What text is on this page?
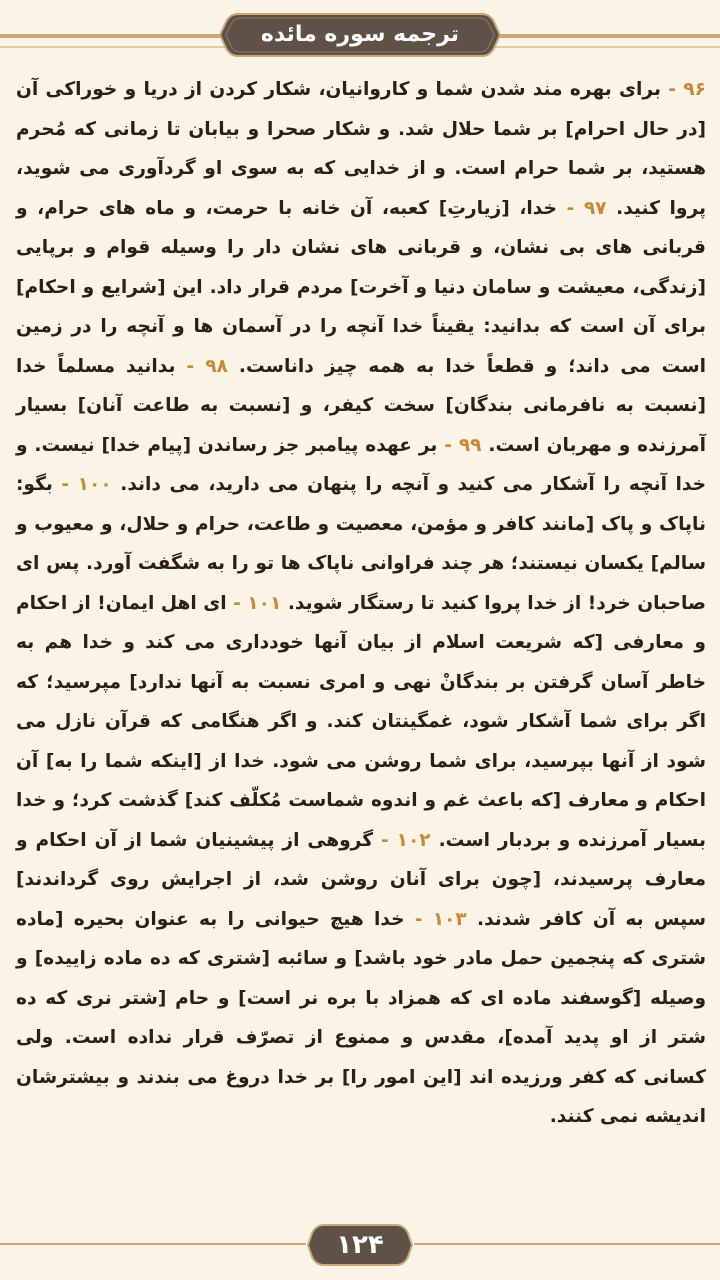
ترجمه سوره مائده

۹۶ - برای بهره مند شدن شما و کاروانیان، شکار کردن از دریا و خوراکی آن [در حال احرام] بر شما حلال شد. و شکار صحرا و بیابان تا زمانی که مُحرم هستید، بر شما حرام است. و از خدایی که به سوی او گردآوری می شوید، پروا کنید. ۹۷ - خدا، [زیارتِ] کعبه، آن خانه با حرمت، و ماه های حرام، و قربانی های بی نشان، و قربانی های نشان دار را وسیله قوام و برپایی [زندگی، معیشت و سامان دنیا و آخرت] مردم قرار داد. این [شرایع و احکام] برای آن است که بدانید: یقیناً خدا آنچه را در آسمان ها و آنچه را در زمین است می داند؛ و قطعاً خدا به همه چیز داناست. ۹۸ - بدانید مسلماً خدا [نسبت به نافرمانی بندگان] سخت کیفر، و [نسبت به طاعت آنان] بسیار آمرزنده و مهربان است. ۹۹ - بر عهده پیامبر جز رساندن [پیام خدا] نیست. و خدا آنچه را آشکار می کنید و آنچه را پنهان می دارید، می داند. ۱۰۰ - بگو: ناپاک و پاک [مانند کافر و مؤمن، معصیت و طاعت، حرام و حلال، و معیوب و سالم] یکسان نیستند؛ هر چند فراوانی ناپاک ها تو را به شگفت آورد. پس ای صاحبان خرد! از خدا پروا کنید تا رستگار شوید. ۱۰۱ - ای اهل ایمان! از احکام و معارفی [که شریعت اسلام از بیان آنها خودداری می کند و خدا هم به خاطر آسان گرفتن بر بندگانْ نهی و امری نسبت به آنها ندارد] مپرسید؛ که اگر برای شما آشکار شود، غمگینتان کند. و اگر هنگامی که قرآن نازل می شود از آنها بپرسید، برای شما روشن می شود. خدا از [اینکه شما را به] آن احکام و معارف [که باعث غم و اندوه شماست مُکلّف کند] گذشت کرد؛ و خدا بسیار آمرزنده و بردبار است. ۱۰۲ - گروهی از پیشینیان شما از آن احکام و معارف پرسیدند، [چون برای آنان روشن شد، از اجرایش روی گرداندند] سپس به آن کافر شدند. ۱۰۳ - خدا هیچ حیوانی را به عنوان بحیره [ماده شتری که پنجمین حمل مادر خود باشد] و سائبه [شتری که ده ماده زاییده] و وصیله [گوسفند ماده ای که همزاد با بره نر است] و حام [شتر نری که ده شتر از او پدید آمده]، مقدس و ممنوع از تصرّف قرار نداده است. ولی کسانی که کفر ورزیده اند [این امور را] بر خدا دروغ می بندند و بیشترشان اندیشه نمی کنند.

۱۲۴
